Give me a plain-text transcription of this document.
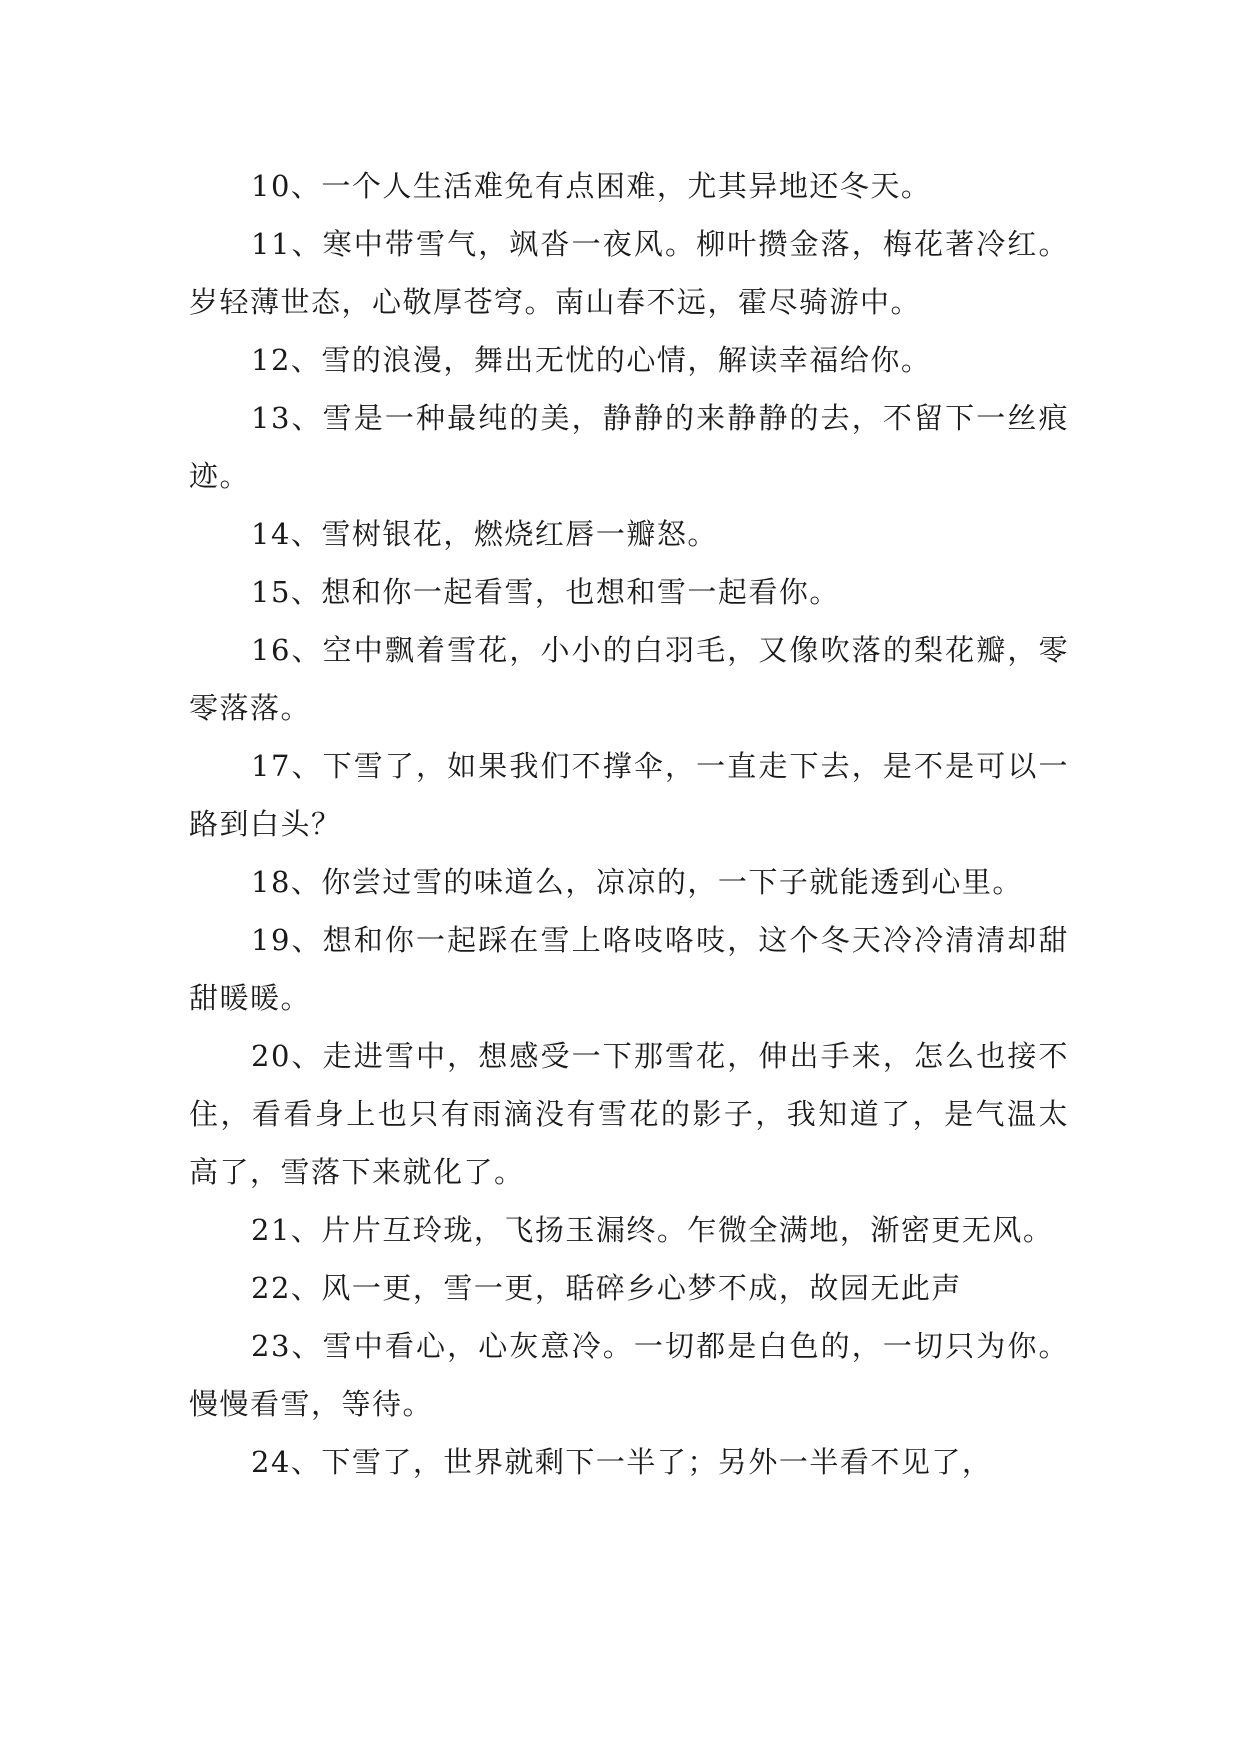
10、一个人生活难免有点困难，尤其异地还冬天。

11、寒中带雪气，飒沓一夜风。柳叶攒金落，梅花著冷红。岁轻薄世态，心敬厚苍穹。南山春不远，霍尽骑游中。

12、雪的浪漫，舞出无忧的心情，解读幸福给你。

13、雪是一种最纯的美，静静的来静静的去，不留下一丝痕迹。

14、雪树银花，燃烧红唇一瓣怒。

15、想和你一起看雪，也想和雪一起看你。

16、空中飘着雪花，小小的白羽毛，又像吹落的梨花瓣，零零落落。

17、下雪了，如果我们不撑伞，一直走下去，是不是可以一路到白头？

18、你尝过雪的味道么，凉凉的，一下子就能透到心里。

19、想和你一起踩在雪上咯吱咯吱，这个冬天冷冷清清却甜甜暖暖。

20、走进雪中，想感受一下那雪花，伸出手来，怎么也接不住，看看身上也只有雨滴没有雪花的影子，我知道了，是气温太高了，雪落下来就化了。

21、片片互玲珑，飞扬玉漏终。乍微全满地，渐密更无风。

22、风一更，雪一更，聒碎乡心梦不成，故园无此声

23、雪中看心，心灰意冷。一切都是白色的，一切只为你。慢慢看雪，等待。

24、下雪了，世界就剩下一半了；另外一半看不见了，
